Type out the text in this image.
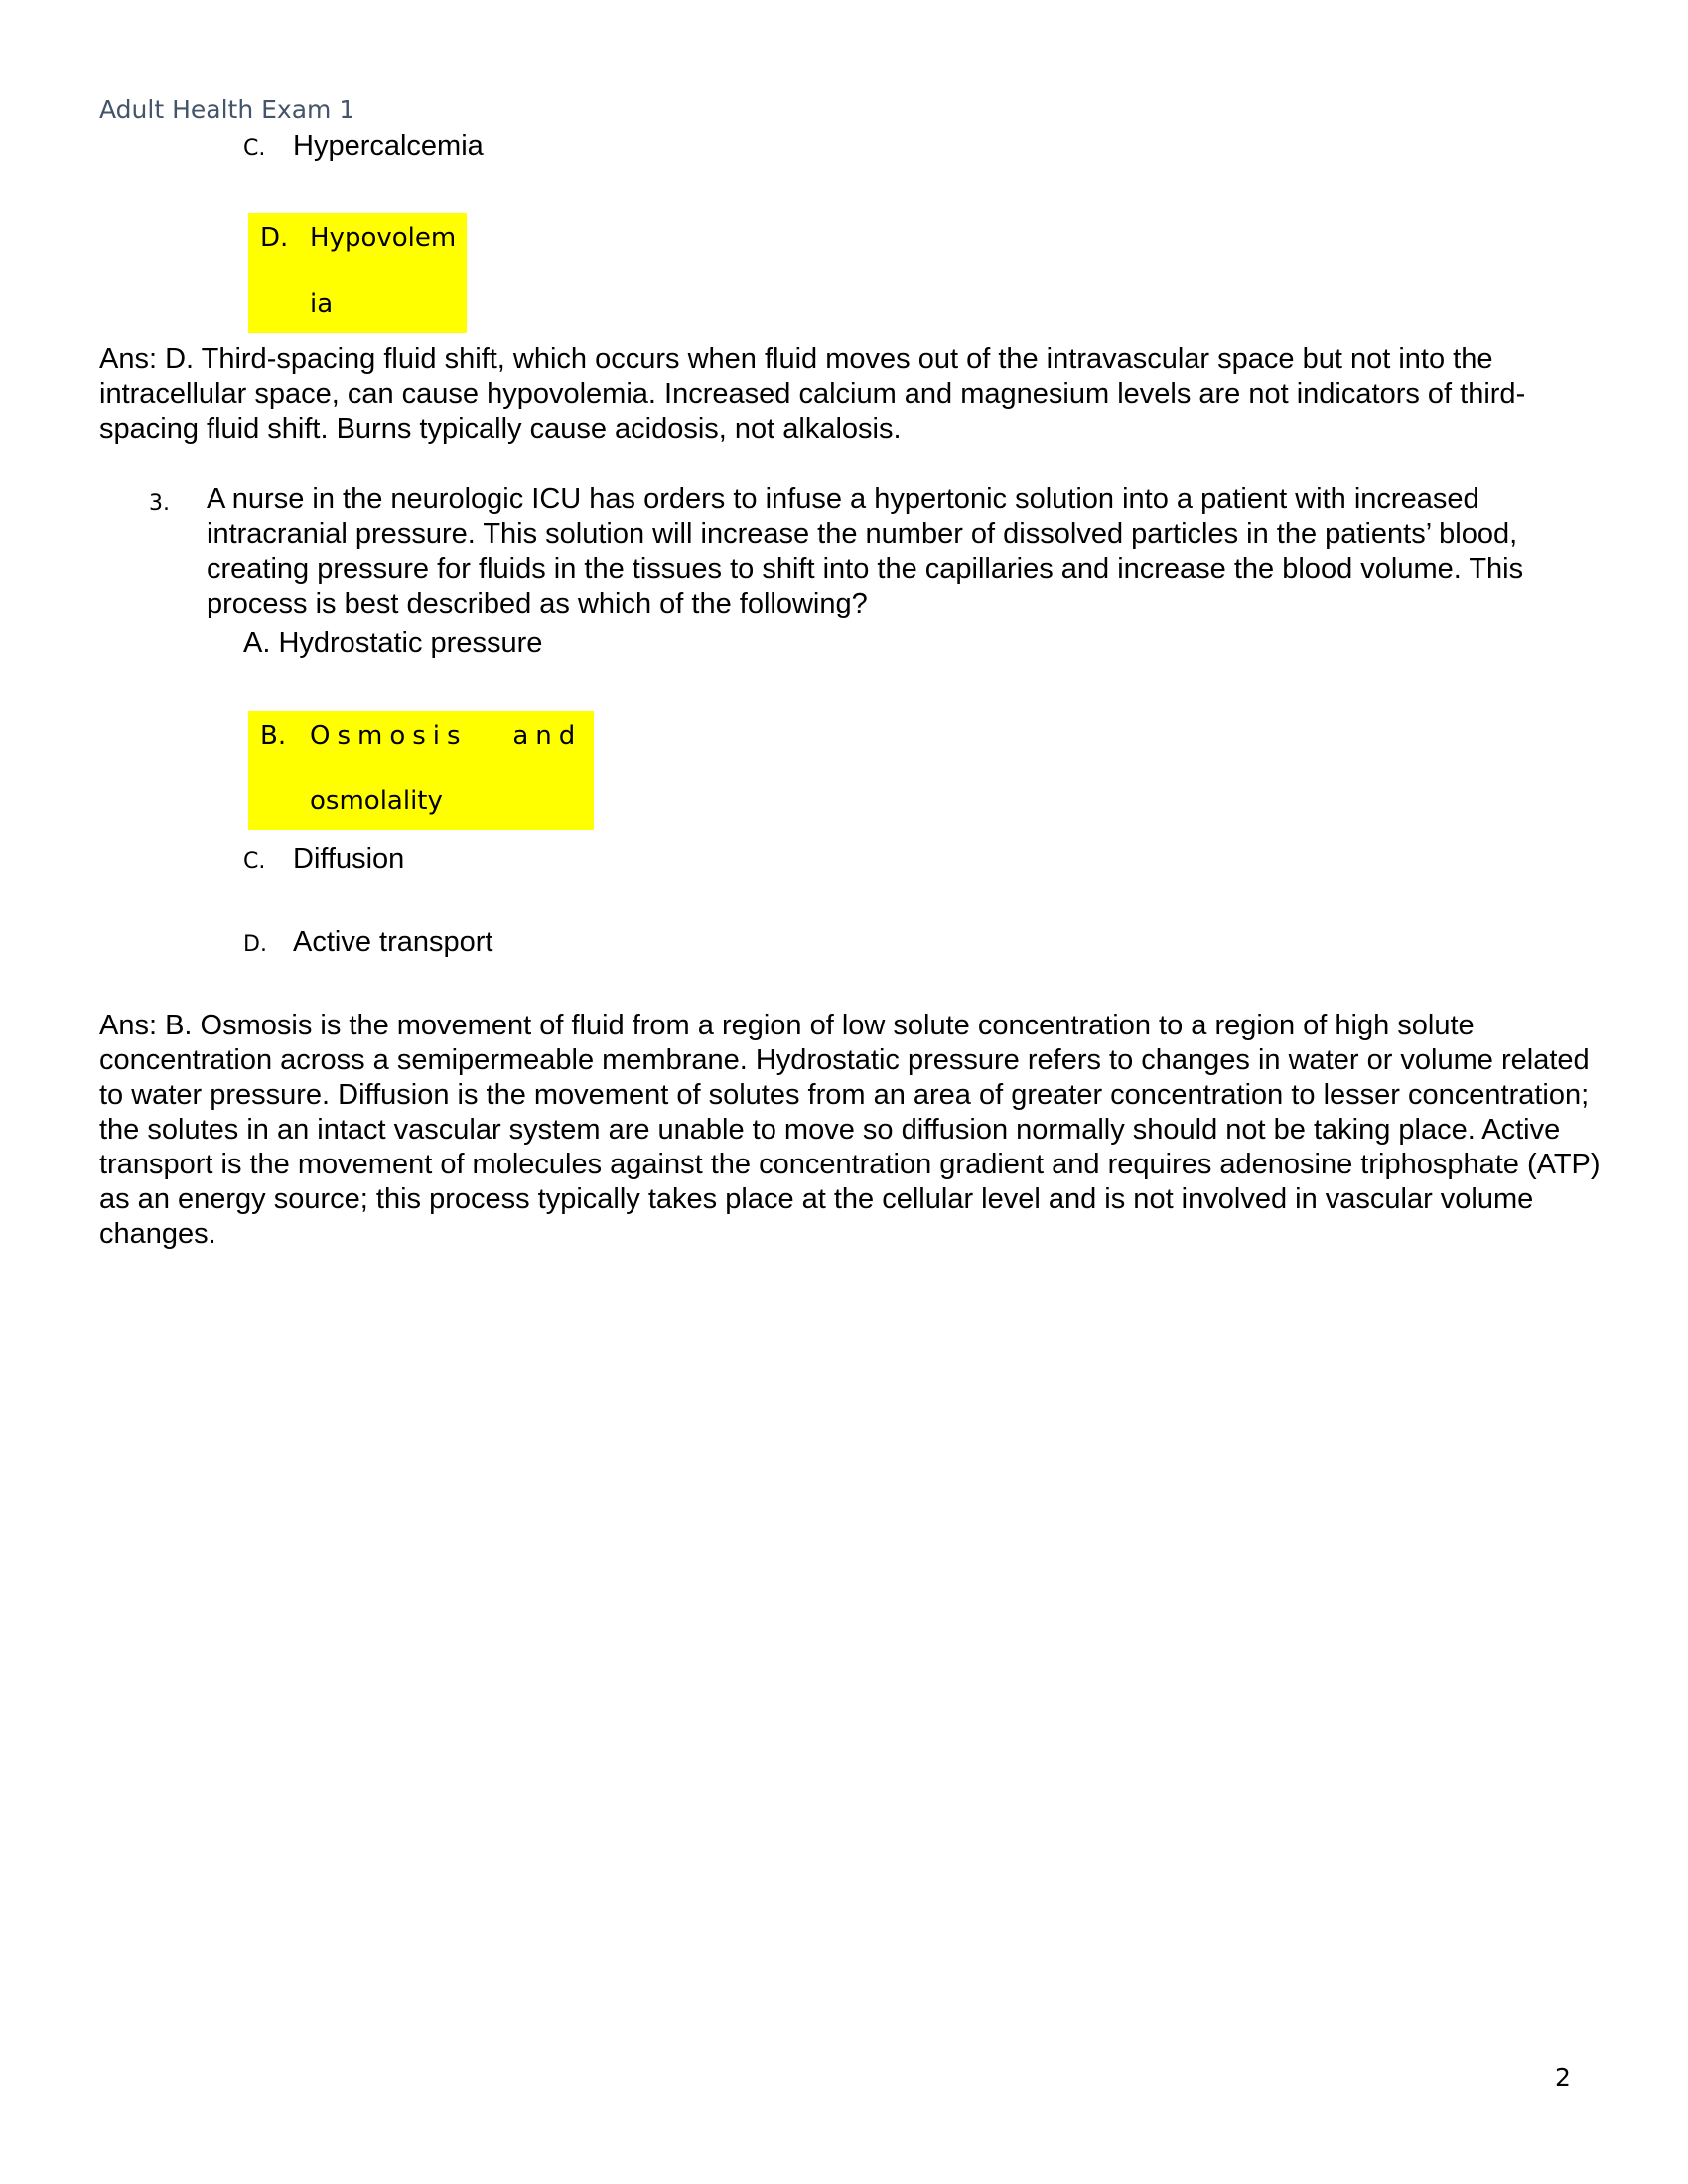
Adult Health Exam 1
C. Hypercalcemia
D. Hypovolem
ia
Ans: D. Third-spacing fluid shift, which occurs when fluid moves out of the intravascular space but not into the intracellular space, can cause hypovolemia. Increased calcium and magnesium levels are not indicators of third-spacing fluid shift. Burns typically cause acidosis, not alkalosis.
3. A nurse in the neurologic ICU has orders to infuse a hypertonic solution into a patient with increased intracranial pressure. This solution will increase the number of dissolved particles in the patients’ blood, creating pressure for fluids in the tissues to shift into the capillaries and increase the blood volume. This process is best described as which of the following?
A. Hydrostatic pressure
B. Osmosis   and
osmolality
C. Diffusion
D. Active transport
Ans: B. Osmosis is the movement of fluid from a region of low solute concentration to a region of high solute concentration across a semipermeable membrane. Hydrostatic pressure refers to changes in water or volume related to water pressure. Diffusion is the movement of solutes from an area of greater concentration to lesser concentration; the solutes in an intact vascular system are unable to move so diffusion normally should not be taking place. Active transport is the movement of molecules against the concentration gradient and requires adenosine triphosphate (ATP) as an energy source; this process typically takes place at the cellular level and is not involved in vascular volume changes.
2
